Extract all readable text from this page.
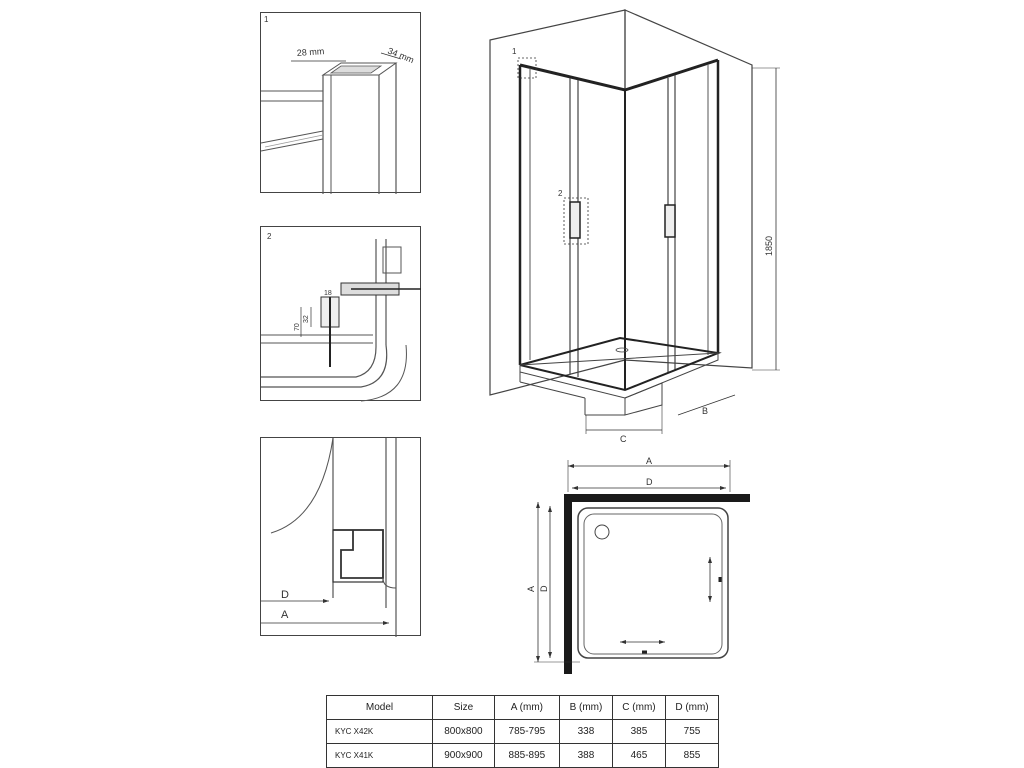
1
28 mm	34 mm
2
18
32
70
D
A
1
2
1850
B
C
A
D
A D
Model	Size	A (mm)	B (mm)	C (mm)	D (mm)
KYC X42K	800x800	785-795	338	385	755
KYC X41K	900x900	885-895	388	465	855
